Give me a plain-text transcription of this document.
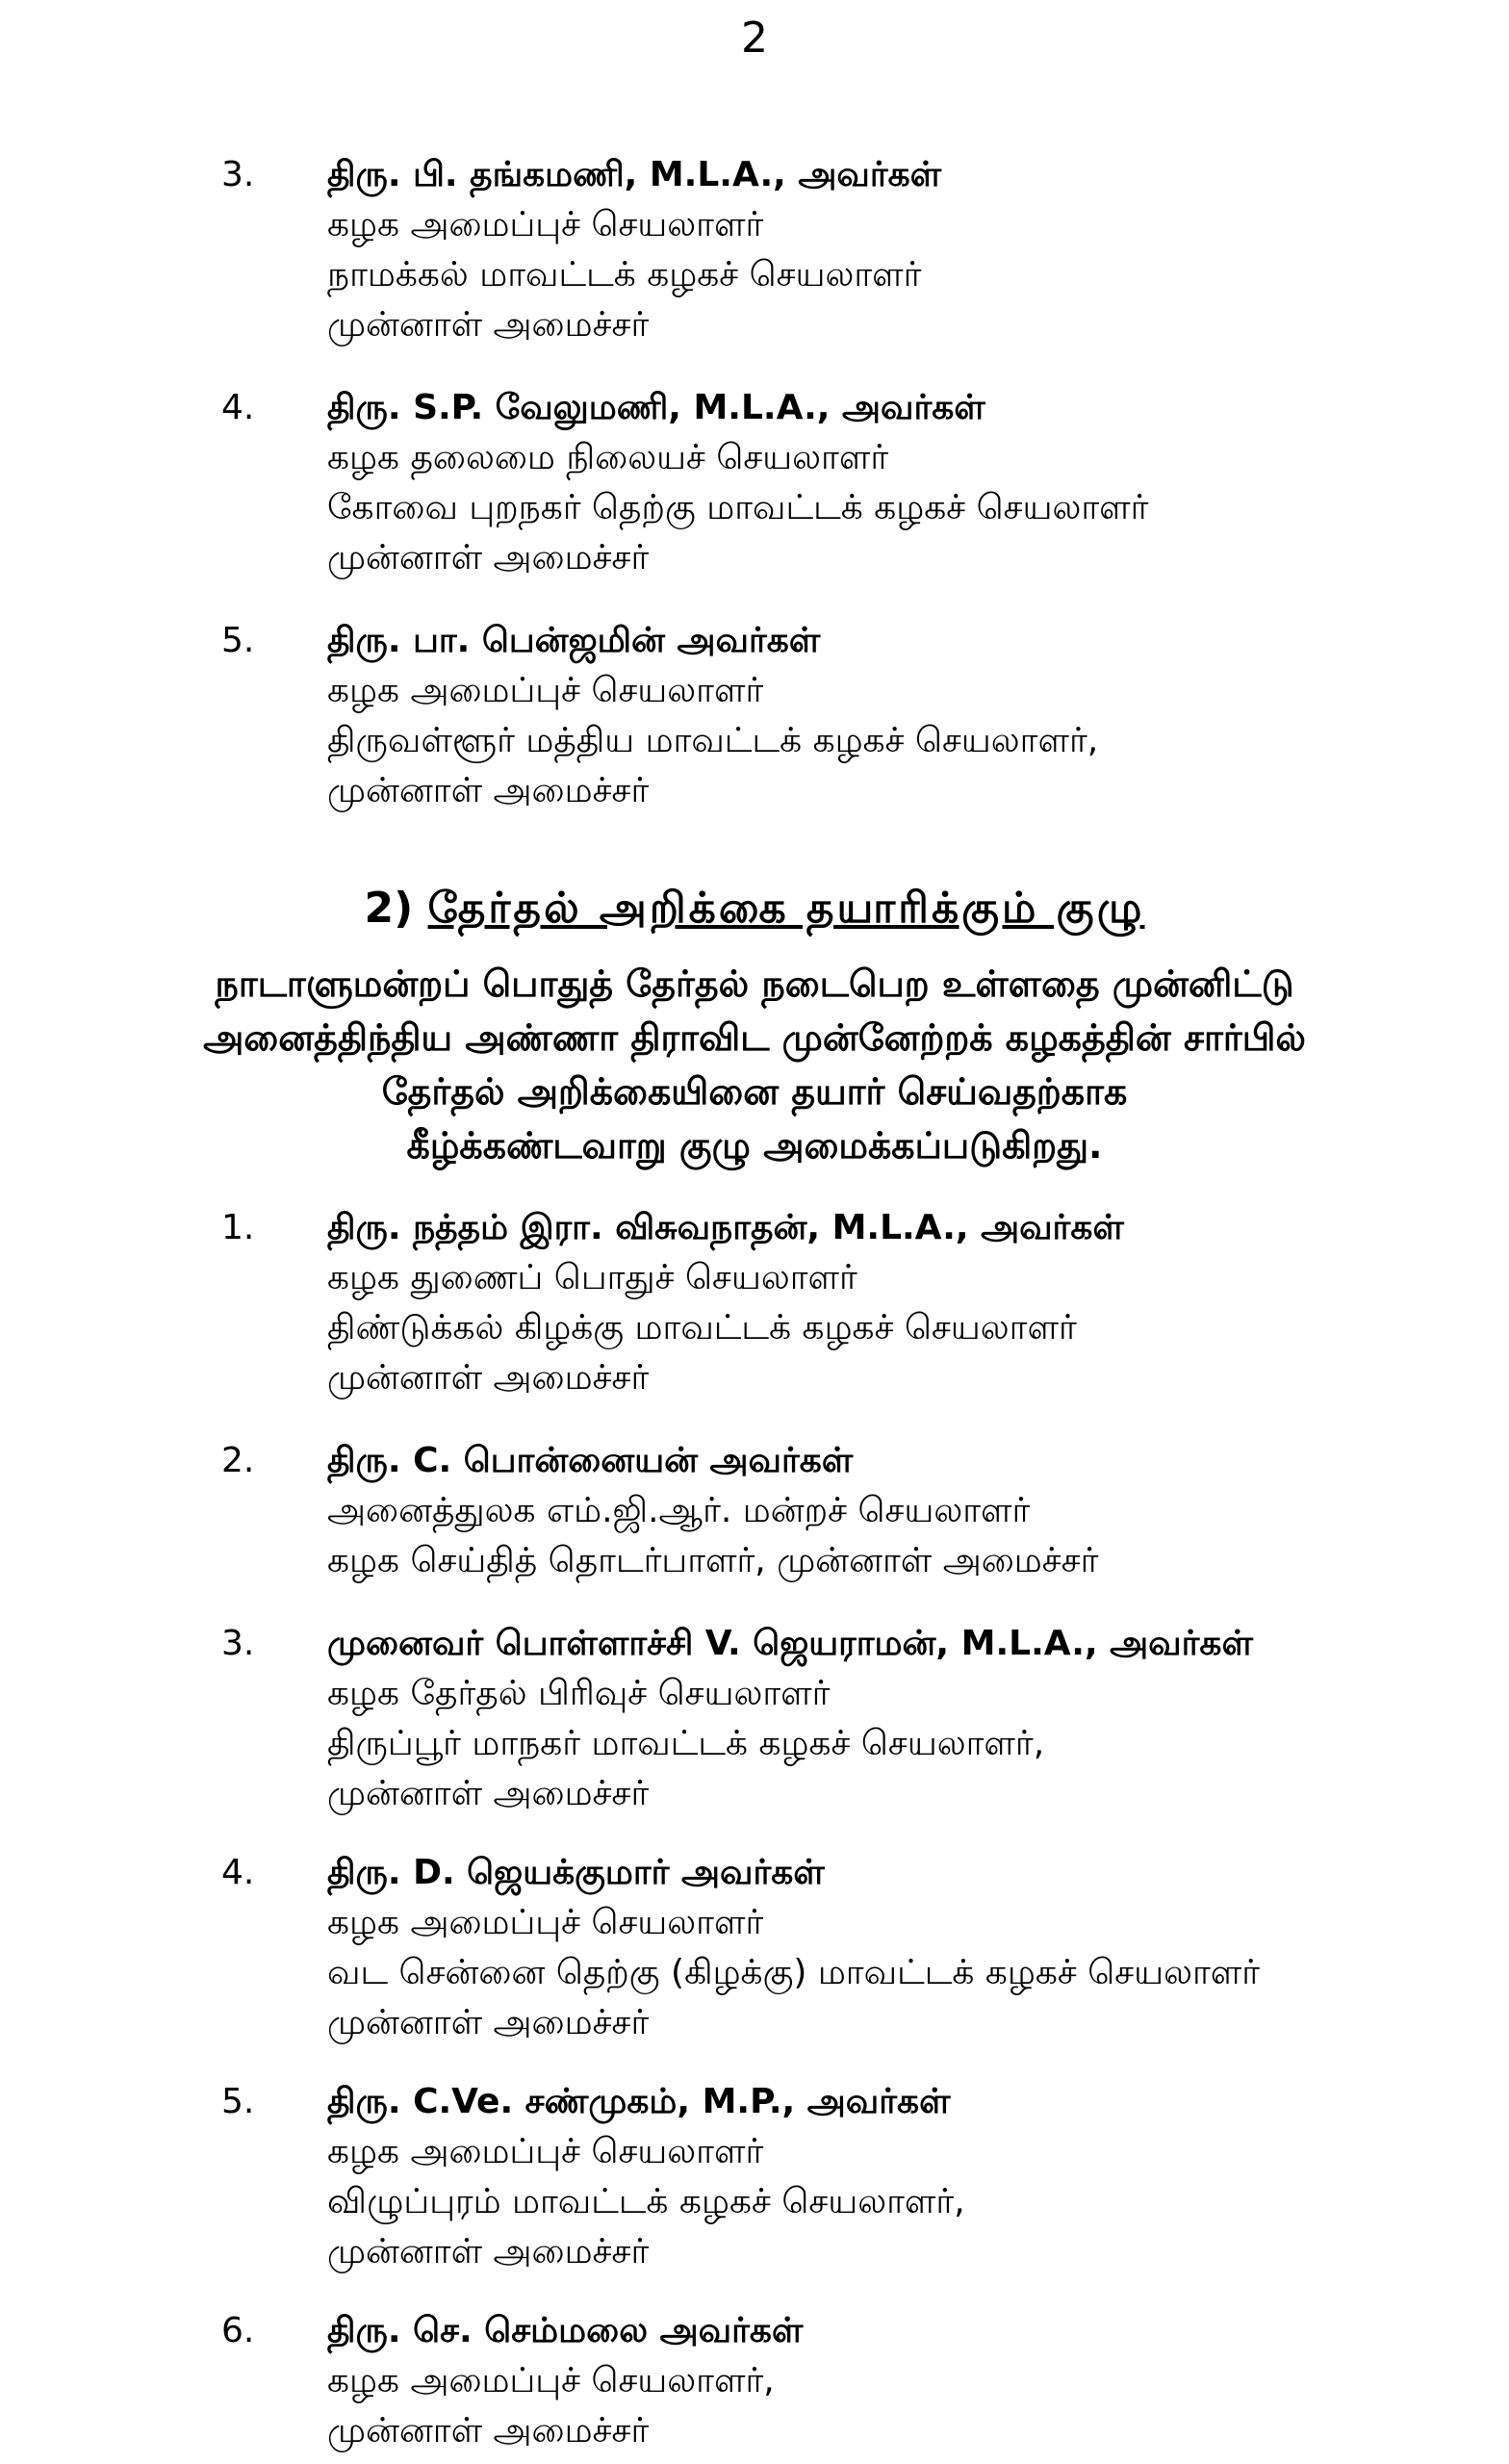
2
3.	திரு. பி. தங்கமணி, M.L.A., அவர்கள்
கழக அமைப்புச் செயலாளர்
நாமக்கல் மாவட்டக் கழகச் செயலாளர்
முன்னாள் அமைச்சர்
4.	திரு. S.P. வேலுமணி, M.L.A., அவர்கள்
கழக தலைமை நிலையச் செயலாளர்
கோவை புறநகர் தெற்கு மாவட்டக் கழகச் செயலாளர்
முன்னாள் அமைச்சர்
5.	திரு. பா. பென்ஜமின் அவர்கள்
கழக அமைப்புச் செயலாளர்
திருவள்ளூர் மத்திய மாவட்டக் கழகச் செயலாளர்,
முன்னாள் அமைச்சர்
2) தேர்தல் அறிக்கை தயாரிக்கும் குழு
நாடாளுமன்றப் பொதுத் தேர்தல் நடைபெற உள்ளதை முன்னிட்டு
அனைத்திந்திய அண்ணா திராவிட முன்னேற்றக் கழகத்தின் சார்பில்
தேர்தல் அறிக்கையினை தயார் செய்வதற்காக
கீழ்க்கண்டவாறு குழு அமைக்கப்படுகிறது.
1.	திரு. நத்தம் இரா. விசுவநாதன், M.L.A., அவர்கள்
கழக துணைப் பொதுச் செயலாளர்
திண்டுக்கல் கிழக்கு மாவட்டக் கழகச் செயலாளர்
முன்னாள் அமைச்சர்
2.	திரு. C. பொன்னையன் அவர்கள்
அனைத்துலக எம்.ஜி.ஆர். மன்றச் செயலாளர்
கழக செய்தித் தொடர்பாளர், முன்னாள் அமைச்சர்
3.	முனைவர் பொள்ளாச்சி V. ஜெயராமன், M.L.A., அவர்கள்
கழக தேர்தல் பிரிவுச் செயலாளர்
திருப்பூர் மாநகர் மாவட்டக் கழகச் செயலாளர்,
முன்னாள் அமைச்சர்
4.	திரு. D. ஜெயக்குமார் அவர்கள்
கழக அமைப்புச் செயலாளர்
வட சென்னை தெற்கு (கிழக்கு) மாவட்டக் கழகச் செயலாளர்
முன்னாள் அமைச்சர்
5.	திரு. C.Ve. சண்முகம், M.P., அவர்கள்
கழக அமைப்புச் செயலாளர்
விழுப்புரம் மாவட்டக் கழகச் செயலாளர்,
முன்னாள் அமைச்சர்
6.	திரு. செ. செம்மலை அவர்கள்
கழக அமைப்புச் செயலாளர்,
முன்னாள் அமைச்சர்
